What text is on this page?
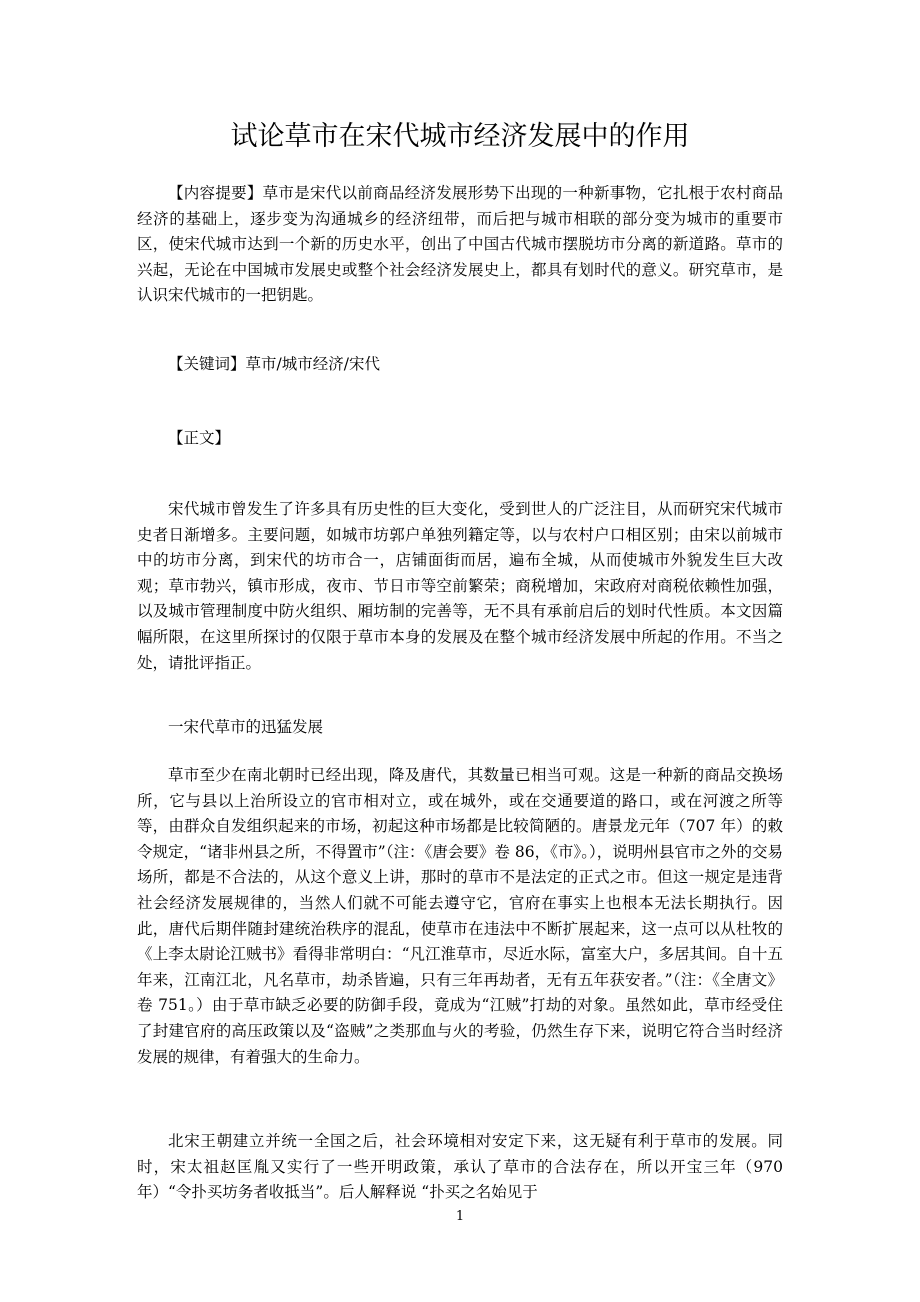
试论草市在宋代城市经济发展中的作用

【内容提要】草市是宋代以前商品经济发展形势下出现的一种新事物，它扎根于农村商品经济的基础上，逐步变为沟通城乡的经济纽带，而后把与城市相联的部分变为城市的重要市区，使宋代城市达到一个新的历史水平，创出了中国古代城市摆脱坊市分离的新道路。草市的兴起，无论在中国城市发展史或整个社会经济发展史上，都具有划时代的意义。研究草市，是认识宋代城市的一把钥匙。

【关键词】草市/城市经济/宋代

【正文】

宋代城市曾发生了许多具有历史性的巨大变化，受到世人的广泛注目，从而研究宋代城市史者日渐增多。主要问题，如城市坊郭户单独列籍定等，以与农村户口相区别；由宋以前城市中的坊市分离，到宋代的坊市合一，店铺面街而居，遍布全城，从而使城市外貌发生巨大改观；草市勃兴，镇市形成，夜市、节日市等空前繁荣；商税增加，宋政府对商税依赖性加强，以及城市管理制度中防火组织、厢坊制的完善等，无不具有承前启后的划时代性质。本文因篇幅所限，在这里所探讨的仅限于草市本身的发展及在整个城市经济发展中所起的作用。不当之处，请批评指正。

一宋代草市的迅猛发展

草市至少在南北朝时已经出现，降及唐代，其数量已相当可观。这是一种新的商品交换场所，它与县以上治所设立的官市相对立，或在城外，或在交通要道的路口，或在河渡之所等等，由群众自发组织起来的市场，初起这种市场都是比较简陋的。唐景龙元年（707 年）的敕令规定，“诸非州县之所，不得置市”（注：《唐会要》卷 86，《市》。），说明州县官市之外的交易场所，都是不合法的，从这个意义上讲，那时的草市不是法定的正式之市。但这一规定是违背社会经济发展规律的，当然人们就不可能去遵守它，官府在事实上也根本无法长期执行。因此，唐代后期伴随封建统治秩序的混乱，使草市在违法中不断扩展起来，这一点可以从杜牧的《上李太尉论江贼书》看得非常明白：“凡江淮草市，尽近水际，富室大户，多居其间。自十五年来，江南江北，凡名草市，劫杀皆遍，只有三年再劫者，无有五年获安者。”（注：《全唐文》卷 751。）由于草市缺乏必要的防御手段，竟成为“江贼”打劫的对象。虽然如此，草市经受住了封建官府的高压政策以及“盗贼”之类那血与火的考验，仍然生存下来，说明它符合当时经济发展的规律，有着强大的生命力。

北宋王朝建立并统一全国之后，社会环境相对安定下来，这无疑有利于草市的发展。同时，宋太祖赵匡胤又实行了一些开明政策，承认了草市的合法存在，所以开宝三年（970 年）“令扑买坊务者收抵当”。后人解释说 “扑买之名始见于

1
